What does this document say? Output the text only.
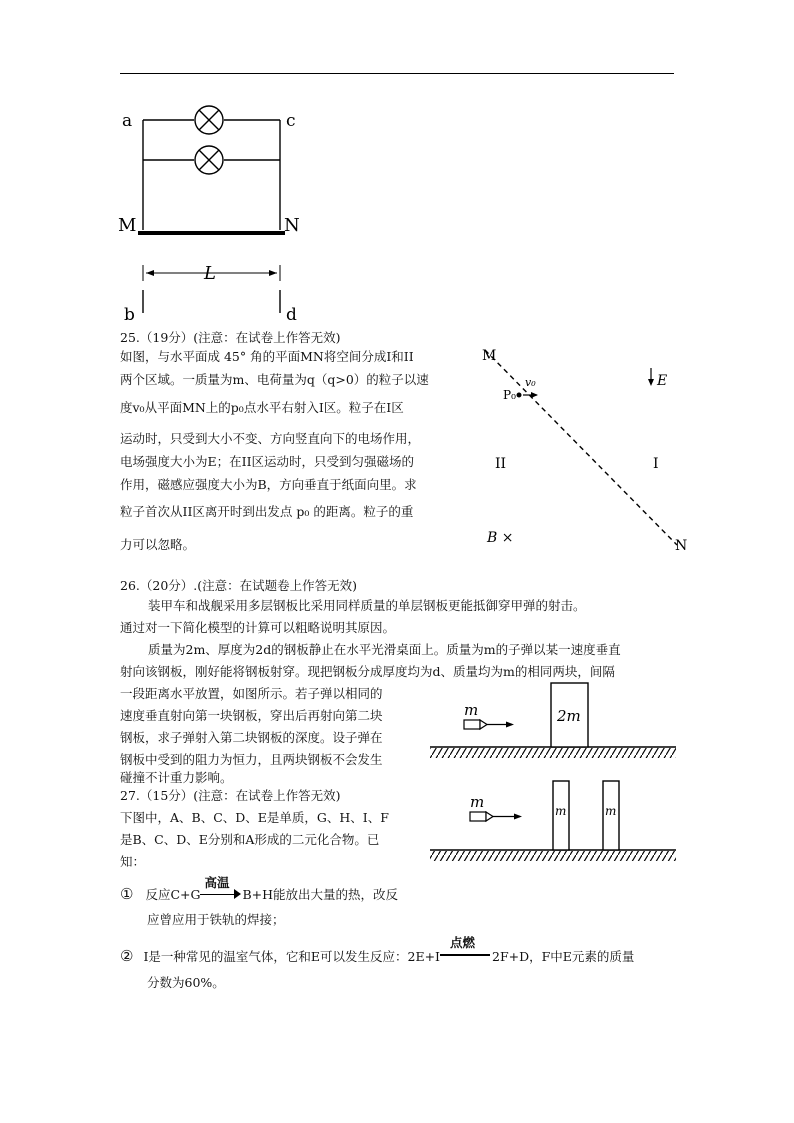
a	c
M	N
L
b	d
25.（19分）(注意：在试卷上作答无效)
如图，与水平面成 45° 角的平面MN将空间分成I和II
两个区域。一质量为m、电荷量为q（q>0）的粒子以速
度v₀从平面MN上的p₀点水平右射入I区。粒子在I区
运动时，只受到大小不变、方向竖直向下的电场作用，
电场强度大小为E；在II区运动时，只受到匀强磁场的
作用，磁感应强度大小为B，方向垂直于纸面向里。求
粒子首次从II区离开时到出发点 p₀ 的距离。粒子的重
力可以忽略。
M
N
P₀
v₀	E
II	I
B ×
26.（20分）.(注意：在试题卷上作答无效)
装甲车和战舰采用多层钢板比采用同样质量的单层钢板更能抵御穿甲弹的射击。
通过对一下简化模型的计算可以粗略说明其原因。
质量为2m、厚度为2d的钢板静止在水平光滑桌面上。质量为m的子弹以某一速度垂直
射向该钢板，刚好能将钢板射穿。现把钢板分成厚度均为d、质量均为m的相同两块，间隔
一段距离水平放置，如图所示。若子弹以相同的
速度垂直射向第一块钢板，穿出后再射向第二块
钢板，求子弹射入第二块钢板的深度。设子弹在
钢板中受到的阻力为恒力，且两块钢板不会发生
碰撞不计重力影响。
2m
m
m	m
m
27.（15分）(注意：在试卷上作答无效)
下图中，A、B、C、D、E是单质，G、H、I、F
是B、C、D、E分别和A形成的二元化合物。已
知：
① 反应C+G
高温
B+H能放出大量的热，改反
应曾应用于铁轨的焊接；
② I是一种常见的温室气体，它和E可以发生反应：2E+I
点燃
2F+D，F中E元素的质量
分数为60%。
